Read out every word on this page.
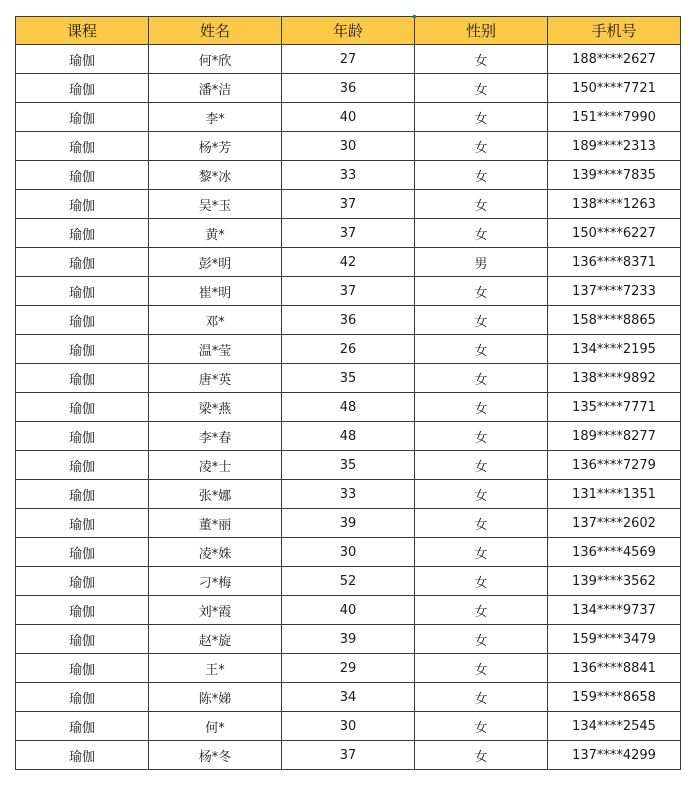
课程	姓名	年龄	性别	手机号
瑜伽	何*欣	27	女	188****2627
瑜伽	潘*洁	36	女	150****7721
瑜伽	李*	40	女	151****7990
瑜伽	杨*芳	30	女	189****2313
瑜伽	黎*冰	33	女	139****7835
瑜伽	吴*玉	37	女	138****1263
瑜伽	黄*	37	女	150****6227
瑜伽	彭*明	42	男	136****8371
瑜伽	崔*明	37	女	137****7233
瑜伽	邓*	36	女	158****8865
瑜伽	温*莹	26	女	134****2195
瑜伽	唐*英	35	女	138****9892
瑜伽	梁*燕	48	女	135****7771
瑜伽	李*春	48	女	189****8277
瑜伽	凌*士	35	女	136****7279
瑜伽	张*娜	33	女	131****1351
瑜伽	董*丽	39	女	137****2602
瑜伽	凌*姝	30	女	136****4569
瑜伽	刁*梅	52	女	139****3562
瑜伽	刘*霞	40	女	134****9737
瑜伽	赵*旋	39	女	159****3479
瑜伽	王*	29	女	136****8841
瑜伽	陈*娣	34	女	159****8658
瑜伽	何*	30	女	134****2545
瑜伽	杨*冬	37	女	137****4299
